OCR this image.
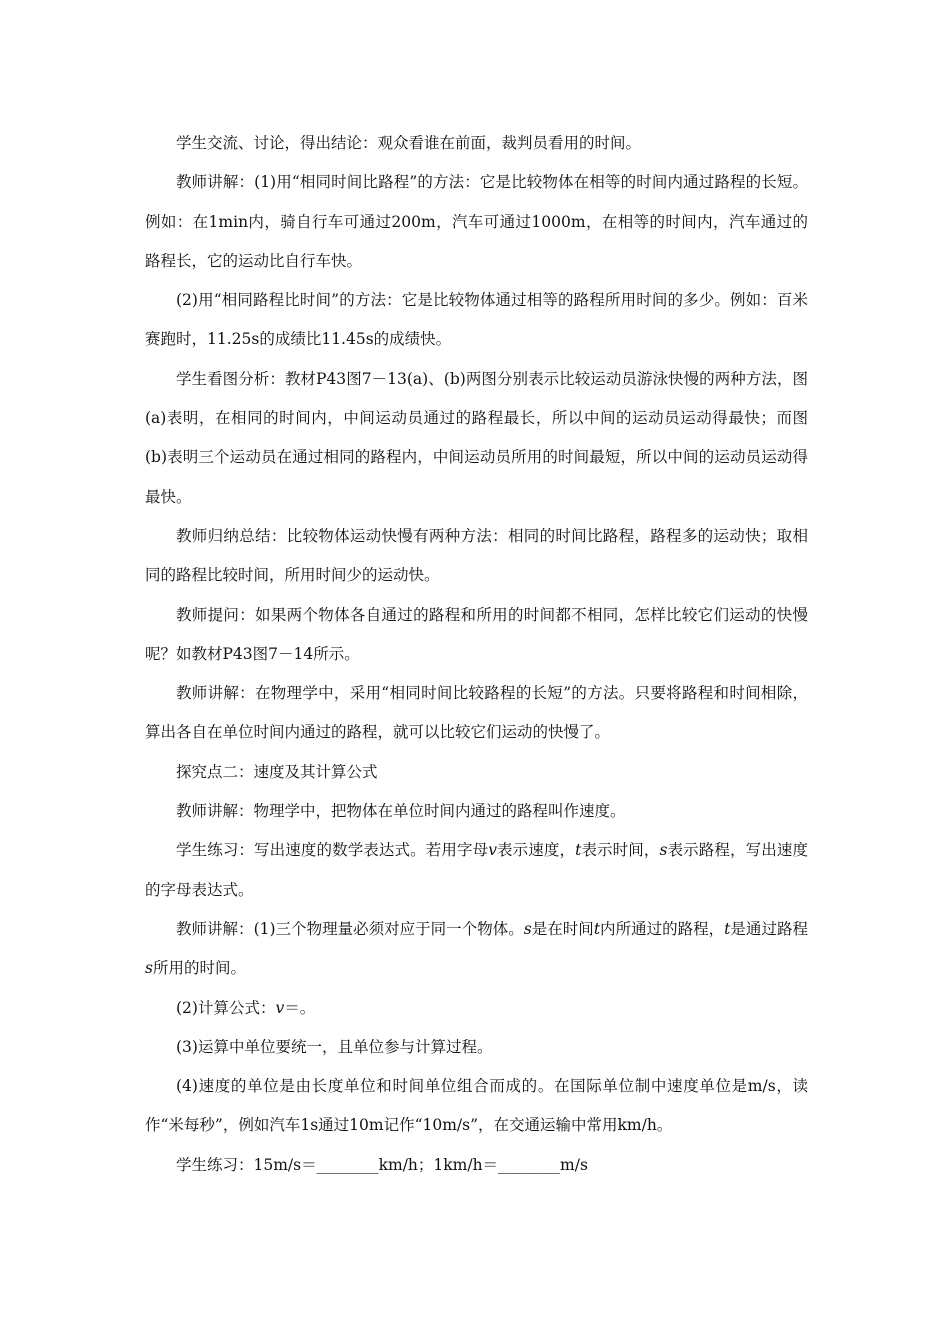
学生交流、讨论，得出结论：观众看谁在前面，裁判员看用的时间。

教师讲解：(1)用“相同时间比路程”的方法：它是比较物体在相等的时间内通过路程的长短。例如：在1min内，骑自行车可通过200m，汽车可通过1000m，在相等的时间内，汽车通过的路程长，它的运动比自行车快。

(2)用“相同路程比时间”的方法：它是比较物体通过相等的路程所用时间的多少。例如：百米赛跑时，11.25s的成绩比11.45s的成绩快。

学生看图分析：教材P43图7－13(a)、(b)两图分别表示比较运动员游泳快慢的两种方法，图(a)表明，在相同的时间内，中间运动员通过的路程最长，所以中间的运动员运动得最快；而图(b)表明三个运动员在通过相同的路程内，中间运动员所用的时间最短，所以中间的运动员运动得最快。

教师归纳总结：比较物体运动快慢有两种方法：相同的时间比路程，路程多的运动快；取相同的路程比较时间，所用时间少的运动快。

教师提问：如果两个物体各自通过的路程和所用的时间都不相同，怎样比较它们运动的快慢呢？如教材P43图7－14所示。

教师讲解：在物理学中，采用“相同时间比较路程的长短”的方法。只要将路程和时间相除，算出各自在单位时间内通过的路程，就可以比较它们运动的快慢了。

探究点二：速度及其计算公式

教师讲解：物理学中，把物体在单位时间内通过的路程叫作速度。

学生练习：写出速度的数学表达式。若用字母v表示速度，t表示时间，s表示路程，写出速度的字母表达式。

教师讲解：(1)三个物理量必须对应于同一个物体。s是在时间t内所通过的路程，t是通过路程s所用的时间。

(2)计算公式：v＝。

(3)运算中单位要统一，且单位参与计算过程。

(4)速度的单位是由长度单位和时间单位组合而成的。在国际单位制中速度单位是m/s，读作“米每秒”，例如汽车1s通过10m记作“10m/s”，在交通运输中常用km/h。

学生练习：15m/s＝________km/h；1km/h＝________m/s
